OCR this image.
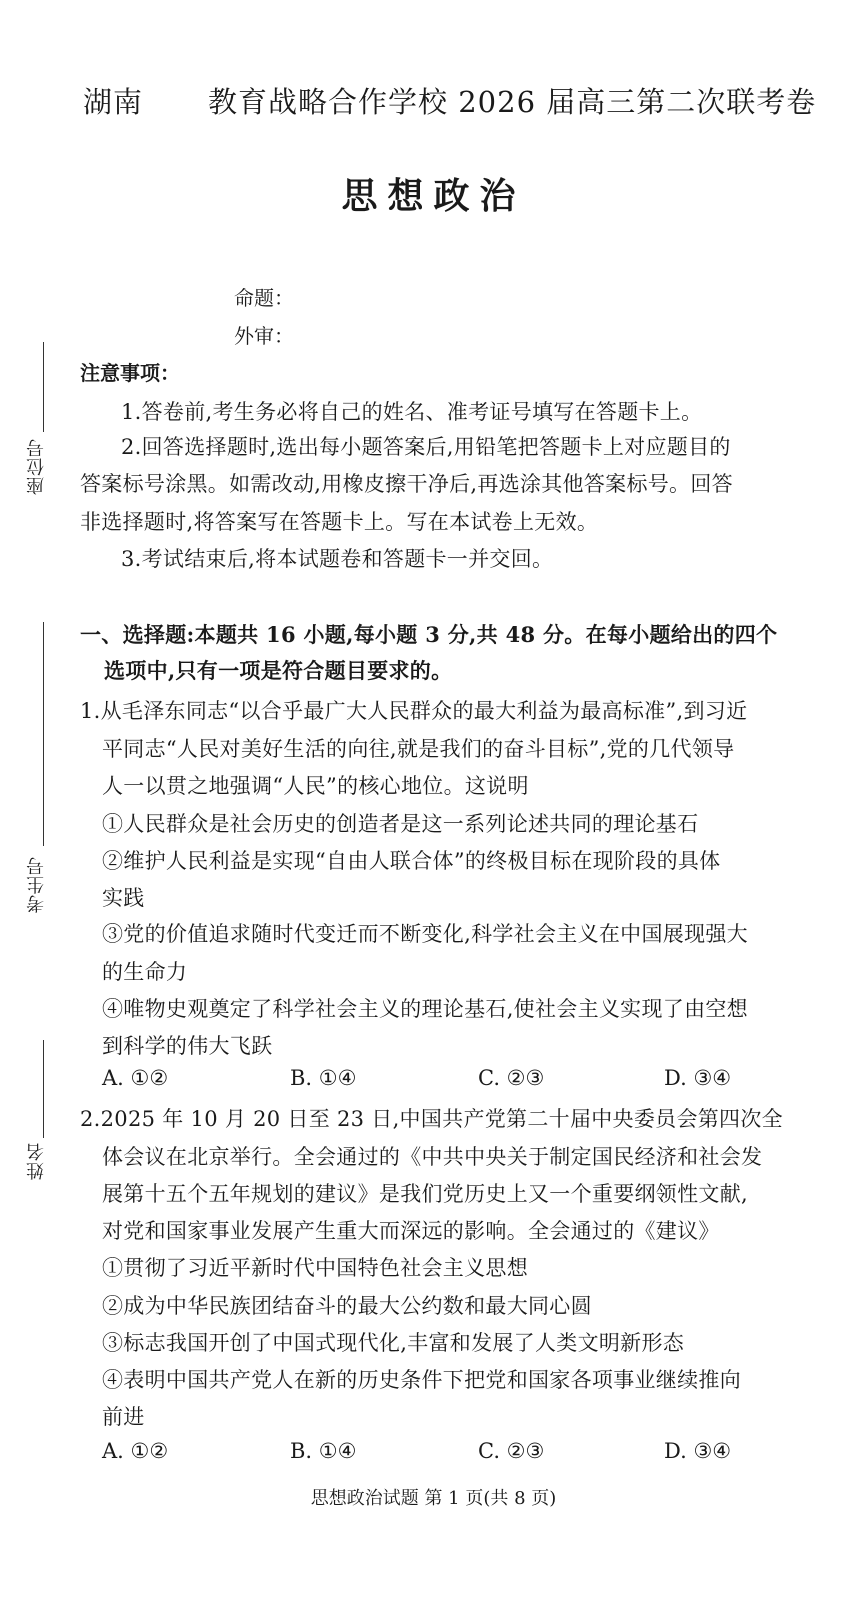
湖南 教育战略合作学校 2026 届高三第二次联考卷
思想政治
命题：
外审：
座位号
考生号
姓名
注意事项：
1.答卷前,考生务必将自己的姓名、准考证号填写在答题卡上。
2.回答选择题时,选出每小题答案后,用铅笔把答题卡上对应题目的
答案标号涂黑。如需改动,用橡皮擦干净后,再选涂其他答案标号。回答
非选择题时,将答案写在答题卡上。写在本试卷上无效。
3.考试结束后,将本试题卷和答题卡一并交回。
一、选择题:本题共 16 小题,每小题 3 分,共 48 分。在每小题给出的四个
选项中,只有一项是符合题目要求的。
1.从毛泽东同志“以合乎最广大人民群众的最大利益为最高标准”,到习近
平同志“人民对美好生活的向往,就是我们的奋斗目标”,党的几代领导
人一以贯之地强调“人民”的核心地位。这说明
①人民群众是社会历史的创造者是这一系列论述共同的理论基石
②维护人民利益是实现“自由人联合体”的终极目标在现阶段的具体
实践
③党的价值追求随时代变迁而不断变化,科学社会主义在中国展现强大
的生命力
④唯物史观奠定了科学社会主义的理论基石,使社会主义实现了由空想
到科学的伟大飞跃
A. ①②	B. ①④	C. ②③	D. ③④
2.2025 年 10 月 20 日至 23 日,中国共产党第二十届中央委员会第四次全
体会议在北京举行。全会通过的《中共中央关于制定国民经济和社会发
展第十五个五年规划的建议》是我们党历史上又一个重要纲领性文献,
对党和国家事业发展产生重大而深远的影响。全会通过的《建议》
①贯彻了习近平新时代中国特色社会主义思想
②成为中华民族团结奋斗的最大公约数和最大同心圆
③标志我国开创了中国式现代化,丰富和发展了人类文明新形态
④表明中国共产党人在新的历史条件下把党和国家各项事业继续推向
前进
A. ①②	B. ①④	C. ②③	D. ③④
思想政治试题 第 1 页(共 8 页)
